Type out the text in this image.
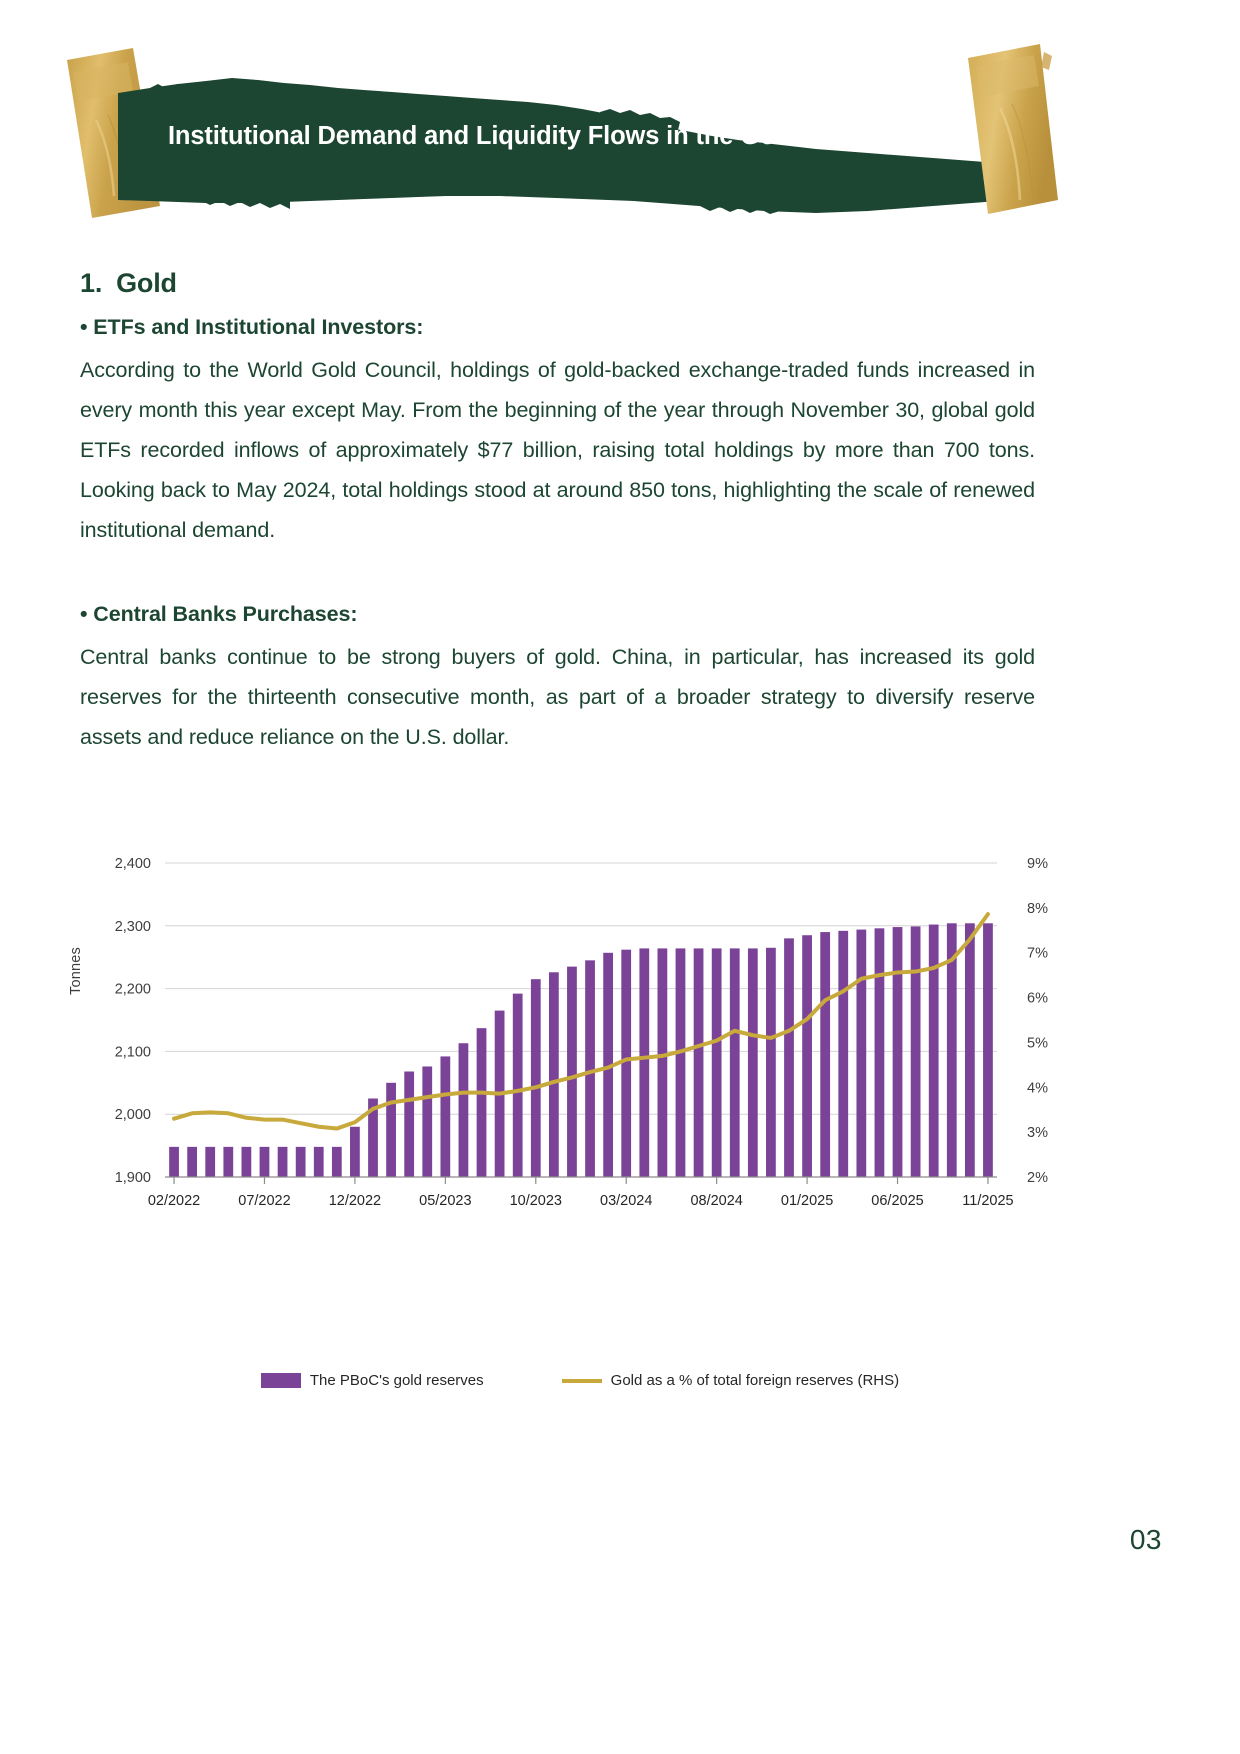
Institutional Demand and Liquidity Flows in the Gold Market
1. Gold
• ETFs and Institutional Investors:

According to the World Gold Council, holdings of gold-backed exchange-traded funds increased in every month this year except May. From the beginning of the year through November 30, global gold ETFs recorded inflows of approximately $77 billion, raising total holdings by more than 700 tons. Looking back to May 2024, total holdings stood at around 850 tons, highlighting the scale of renewed institutional demand.

• Central Banks Purchases:

Central banks continue to be strong buyers of gold. China, in particular, has increased its gold reserves for the thirteenth consecutive month, as part of a broader strategy to diversify reserve assets and reduce reliance on the U.S. dollar.

Tonnes
1,900
2,000
2,100
2,200
2,300
2,400
2%
3%
4%
5%
6%
7%
8%
9%
02/2022	07/2022	12/2022	05/2023	10/2023	03/2024	08/2024	01/2025	06/2025	11/2025
The PBoC's gold reserves	Gold as a % of total foreign reserves (RHS)
03
